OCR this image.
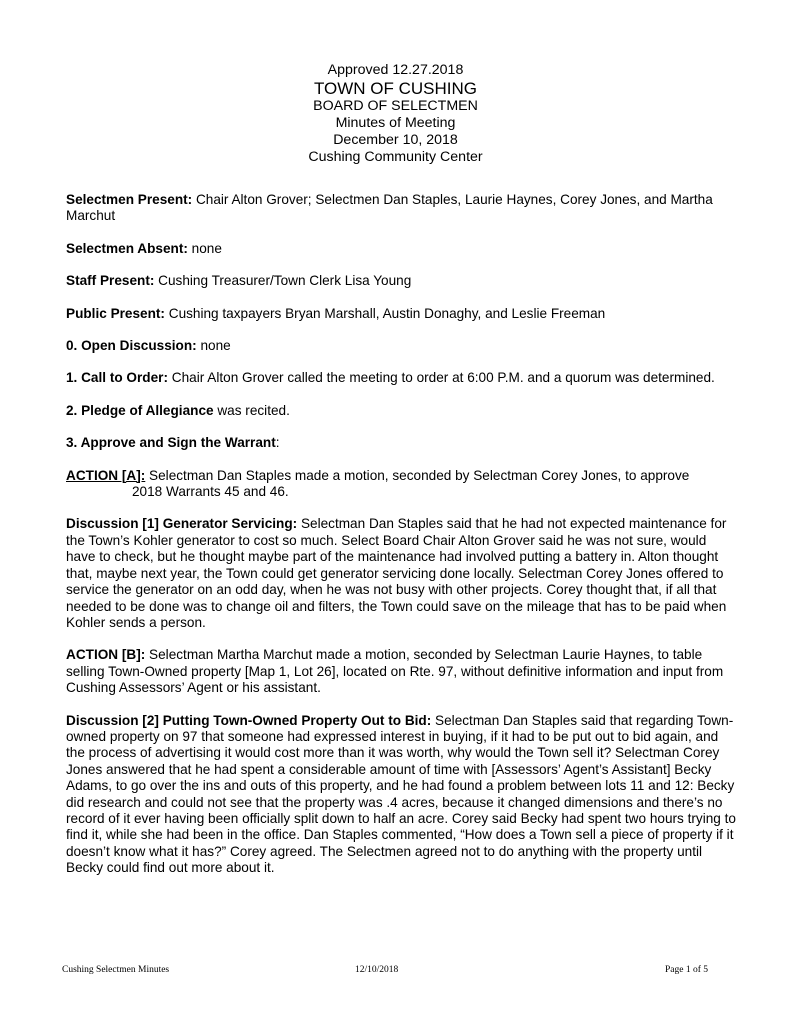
Approved 12.27.2018
TOWN OF CUSHING
BOARD OF SELECTMEN
Minutes of Meeting
December 10, 2018
Cushing Community Center

Selectmen Present: Chair Alton Grover; Selectmen Dan Staples, Laurie Haynes, Corey Jones, and Martha Marchut

Selectmen Absent: none

Staff Present: Cushing Treasurer/Town Clerk Lisa Young

Public Present: Cushing taxpayers Bryan Marshall, Austin Donaghy, and Leslie Freeman

0. Open Discussion: none

1. Call to Order: Chair Alton Grover called the meeting to order at 6:00 P.M. and a quorum was determined.

2. Pledge of Allegiance was recited.

3. Approve and Sign the Warrant:

ACTION [A]: Selectman Dan Staples made a motion, seconded by Selectman Corey Jones, to approve
2018 Warrants 45 and 46.

Discussion [1] Generator Servicing: Selectman Dan Staples said that he had not expected maintenance for the Town’s Kohler generator to cost so much. Select Board Chair Alton Grover said he was not sure, would have to check, but he thought maybe part of the maintenance had involved putting a battery in. Alton thought that, maybe next year, the Town could get generator servicing done locally. Selectman Corey Jones offered to service the generator on an odd day, when he was not busy with other projects. Corey thought that, if all that needed to be done was to change oil and filters, the Town could save on the mileage that has to be paid when Kohler sends a person.

ACTION [B]: Selectman Martha Marchut made a motion, seconded by Selectman Laurie Haynes, to table selling Town-Owned property [Map 1, Lot 26], located on Rte. 97, without definitive information and input from Cushing Assessors’ Agent or his assistant.

Discussion [2] Putting Town-Owned Property Out to Bid: Selectman Dan Staples said that regarding Town-owned property on 97 that someone had expressed interest in buying, if it had to be put out to bid again, and the process of advertising it would cost more than it was worth, why would the Town sell it? Selectman Corey Jones answered that he had spent a considerable amount of time with [Assessors’ Agent’s Assistant] Becky Adams, to go over the ins and outs of this property, and he had found a problem between lots 11 and 12: Becky did research and could not see that the property was .4 acres, because it changed dimensions and there’s no record of it ever having been officially split down to half an acre. Corey said Becky had spent two hours trying to find it, while she had been in the office. Dan Staples commented, “How does a Town sell a piece of property if it doesn’t know what it has?” Corey agreed. The Selectmen agreed not to do anything with the property until Becky could find out more about it.

Cushing Selectmen Minutes	12/10/2018	Page 1 of 5
